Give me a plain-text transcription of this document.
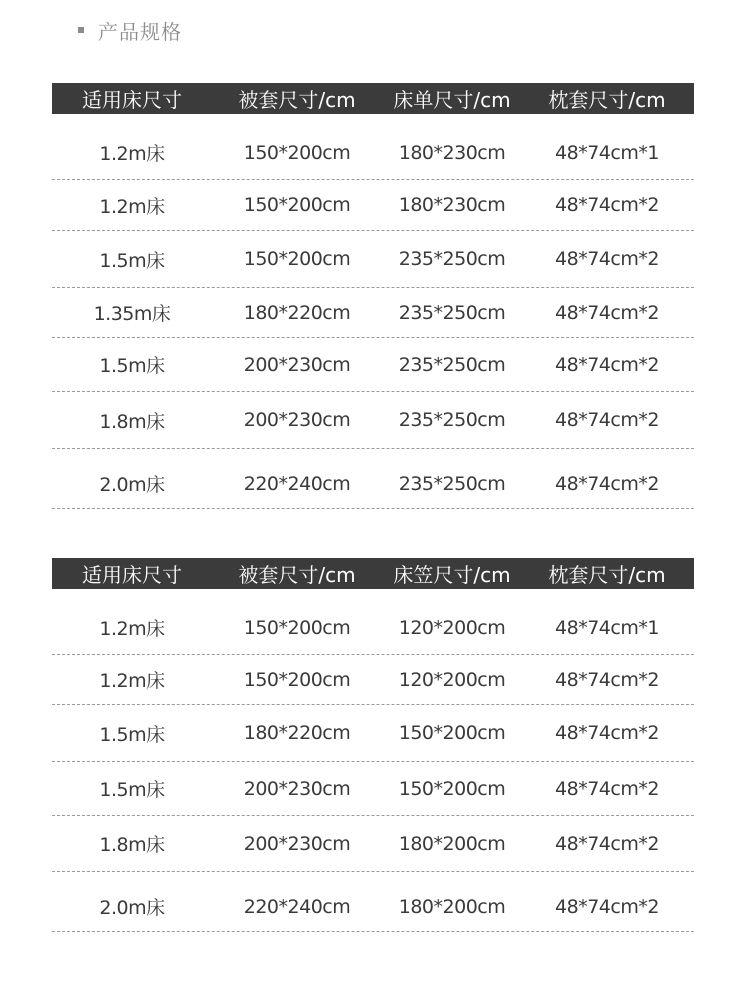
产品规格
适用床尺寸	被套尺寸/cm	床单尺寸/cm	枕套尺寸/cm
1.2m床	150*200cm	180*230cm	48*74cm*1
1.2m床	150*200cm	180*230cm	48*74cm*2
1.5m床	150*200cm	235*250cm	48*74cm*2
1.35m床	180*220cm	235*250cm	48*74cm*2
1.5m床	200*230cm	235*250cm	48*74cm*2
1.8m床	200*230cm	235*250cm	48*74cm*2
2.0m床	220*240cm	235*250cm	48*74cm*2
适用床尺寸	被套尺寸/cm	床笠尺寸/cm	枕套尺寸/cm
1.2m床	150*200cm	120*200cm	48*74cm*1
1.2m床	150*200cm	120*200cm	48*74cm*2
1.5m床	180*220cm	150*200cm	48*74cm*2
1.5m床	200*230cm	150*200cm	48*74cm*2
1.8m床	200*230cm	180*200cm	48*74cm*2
2.0m床	220*240cm	180*200cm	48*74cm*2
